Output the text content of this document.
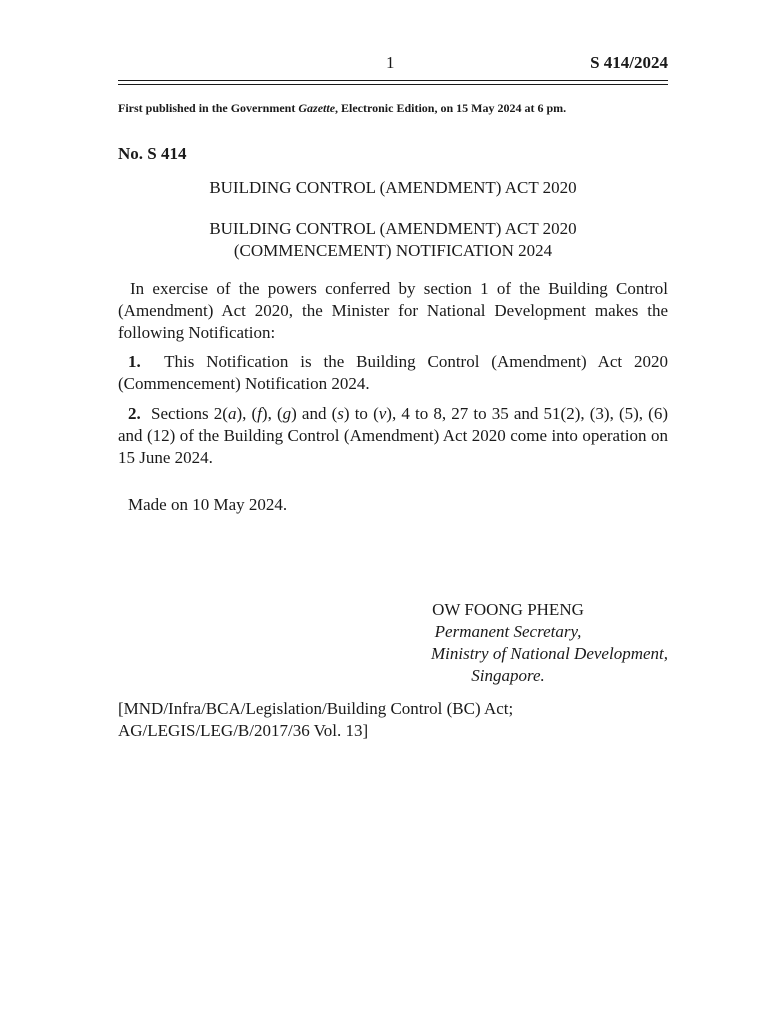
1	S 414/2024
First published in the Government Gazette, Electronic Edition, on 15 May 2024 at 6 pm.
No. S 414
BUILDING CONTROL (AMENDMENT) ACT 2020
BUILDING CONTROL (AMENDMENT) ACT 2020
(COMMENCEMENT) NOTIFICATION 2024
In exercise of the powers conferred by section 1 of the Building Control (Amendment) Act 2020, the Minister for National Development makes the following Notification:
1. This Notification is the Building Control (Amendment) Act 2020 (Commencement) Notification 2024.
2. Sections 2(a), (f), (g) and (s) to (v), 4 to 8, 27 to 35 and 51(2), (3), (5), (6) and (12) of the Building Control (Amendment) Act 2020 come into operation on 15 June 2024.
Made on 10 May 2024.
OW FOONG PHENG
Permanent Secretary,
Ministry of National Development,
Singapore.
[MND/Infra/BCA/Legislation/Building Control (BC) Act;
AG/LEGIS/LEG/B/2017/36 Vol. 13]
